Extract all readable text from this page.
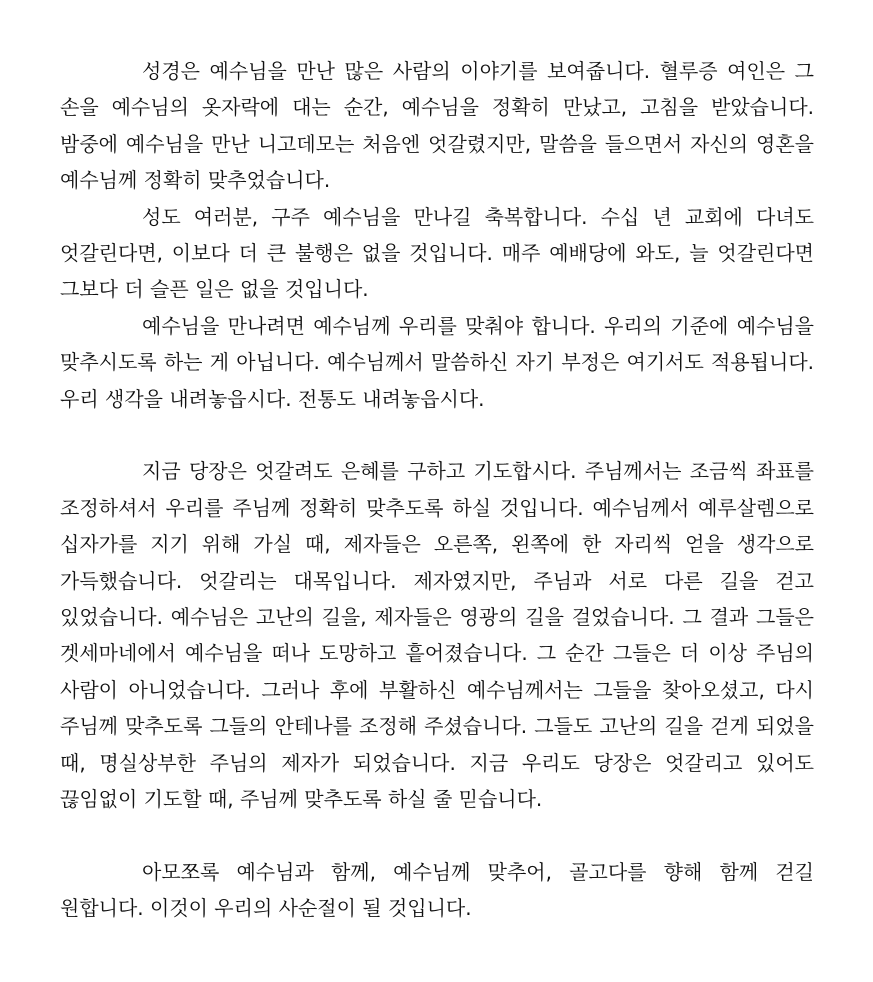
성경은 예수님을 만난 많은 사람의 이야기를 보여줍니다. 혈루증 여인은 그 손을 예수님의 옷자락에 대는 순간, 예수님을 정확히 만났고, 고침을 받았습니다. 밤중에 예수님을 만난 니고데모는 처음엔 엇갈렸지만, 말씀을 들으면서 자신의 영혼을 예수님께 정확히 맞추었습니다.

성도 여러분, 구주 예수님을 만나길 축복합니다. 수십 년 교회에 다녀도 엇갈린다면, 이보다 더 큰 불행은 없을 것입니다. 매주 예배당에 와도, 늘 엇갈린다면 그보다 더 슬픈 일은 없을 것입니다.

예수님을 만나려면 예수님께 우리를 맞춰야 합니다. 우리의 기준에 예수님을 맞추시도록 하는 게 아닙니다. 예수님께서 말씀하신 자기 부정은 여기서도 적용됩니다. 우리 생각을 내려놓읍시다. 전통도 내려놓읍시다.

지금 당장은 엇갈려도 은혜를 구하고 기도합시다. 주님께서는 조금씩 좌표를 조정하셔서 우리를 주님께 정확히 맞추도록 하실 것입니다. 예수님께서 예루살렘으로 십자가를 지기 위해 가실 때, 제자들은 오른쪽, 왼쪽에 한 자리씩 얻을 생각으로 가득했습니다. 엇갈리는 대목입니다. 제자였지만, 주님과 서로 다른 길을 걷고 있었습니다. 예수님은 고난의 길을, 제자들은 영광의 길을 걸었습니다. 그 결과 그들은 겟세마네에서 예수님을 떠나 도망하고 흩어졌습니다. 그 순간 그들은 더 이상 주님의 사람이 아니었습니다. 그러나 후에 부활하신 예수님께서는 그들을 찾아오셨고, 다시 주님께 맞추도록 그들의 안테나를 조정해 주셨습니다. 그들도 고난의 길을 걷게 되었을 때, 명실상부한 주님의 제자가 되었습니다. 지금 우리도 당장은 엇갈리고 있어도 끊임없이 기도할 때, 주님께 맞추도록 하실 줄 믿습니다.

아모쪼록 예수님과 함께, 예수님께 맞추어, 골고다를 향해 함께 걷길 원합니다. 이것이 우리의 사순절이 될 것입니다.
